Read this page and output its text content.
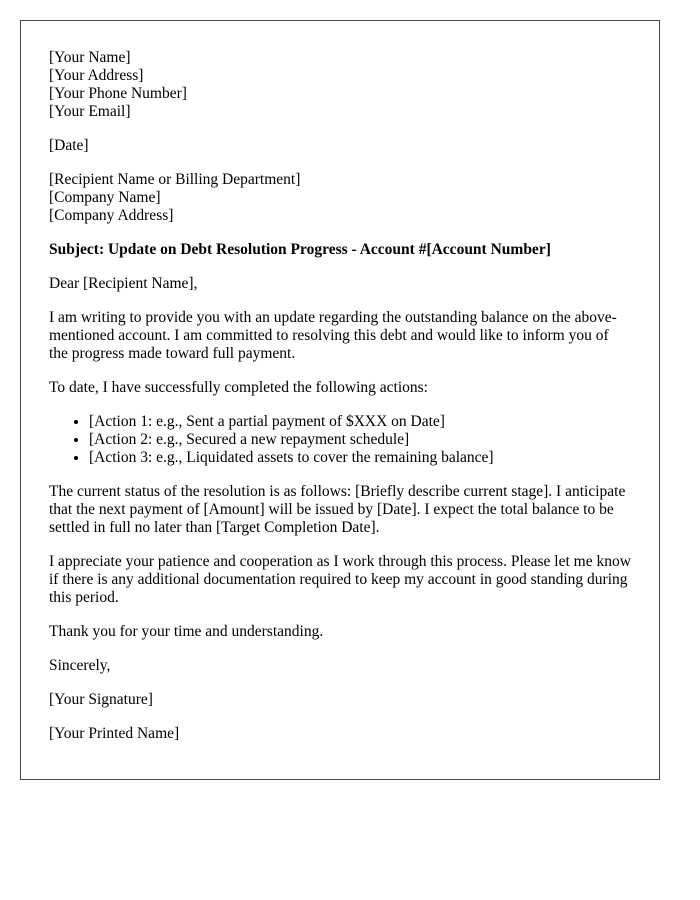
[Your Name]
[Your Address]
[Your Phone Number]
[Your Email]
[Date]
[Recipient Name or Billing Department]
[Company Name]
[Company Address]
Subject: Update on Debt Resolution Progress - Account #[Account Number]

Dear [Recipient Name],

I am writing to provide you with an update regarding the outstanding balance on the above-mentioned account. I am committed to resolving this debt and would like to inform you of the progress made toward full payment.

To date, I have successfully completed the following actions:

• [Action 1: e.g., Sent a partial payment of $XXX on Date]
• [Action 2: e.g., Secured a new repayment schedule]
• [Action 3: e.g., Liquidated assets to cover the remaining balance]

The current status of the resolution is as follows: [Briefly describe current stage]. I anticipate that the next payment of [Amount] will be issued by [Date]. I expect the total balance to be settled in full no later than [Target Completion Date].

I appreciate your patience and cooperation as I work through this process. Please let me know if there is any additional documentation required to keep my account in good standing during this period.

Thank you for your time and understanding.

Sincerely,

[Your Signature]

[Your Printed Name]
